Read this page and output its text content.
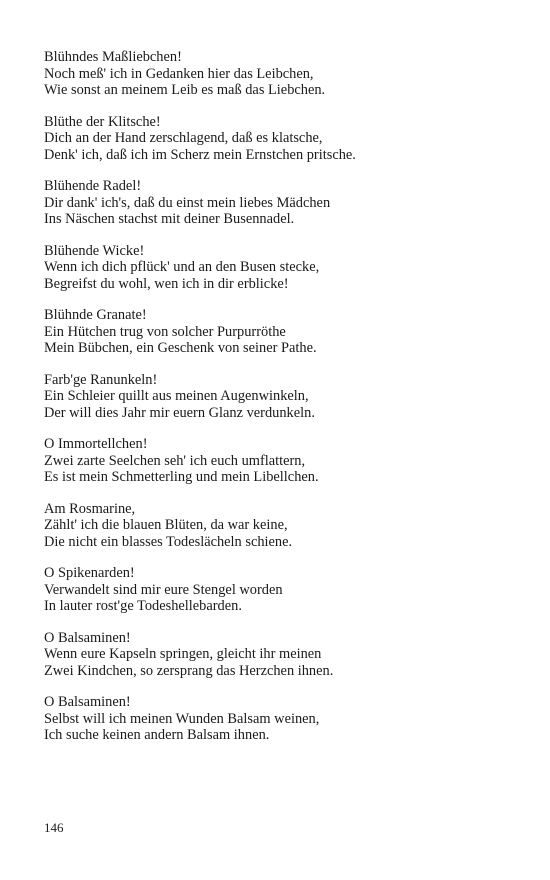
Blühndes Maßliebchen!
Noch meß' ich in Gedanken hier das Leibchen,
Wie sonst an meinem Leib es maß das Liebchen.
Blüthe der Klitsche!
Dich an der Hand zerschlagend, daß es klatsche,
Denk' ich, daß ich im Scherz mein Ernstchen pritsche.
Blühende Radel!
Dir dank' ich's, daß du einst mein liebes Mädchen
Ins Näschen stachst mit deiner Busennadel.
Blühende Wicke!
Wenn ich dich pflück' und an den Busen stecke,
Begreifst du wohl, wen ich in dir erblicke!
Blühnde Granate!
Ein Hütchen trug von solcher Purpurröthe
Mein Bübchen, ein Geschenk von seiner Pathe.
Farb'ge Ranunkeln!
Ein Schleier quillt aus meinen Augenwinkeln,
Der will dies Jahr mir euern Glanz verdunkeln.
O Immortellchen!
Zwei zarte Seelchen seh' ich euch umflattern,
Es ist mein Schmetterling und mein Libellchen.
Am Rosmarine,
Zählt' ich die blauen Blüten, da war keine,
Die nicht ein blasses Todeslächeln schiene.
O Spikenarden!
Verwandelt sind mir eure Stengel worden
In lauter rost'ge Todeshellebarden.
O Balsaminen!
Wenn eure Kapseln springen, gleicht ihr meinen
Zwei Kindchen, so zersprang das Herzchen ihnen.
O Balsaminen!
Selbst will ich meinen Wunden Balsam weinen,
Ich suche keinen andern Balsam ihnen.
146
